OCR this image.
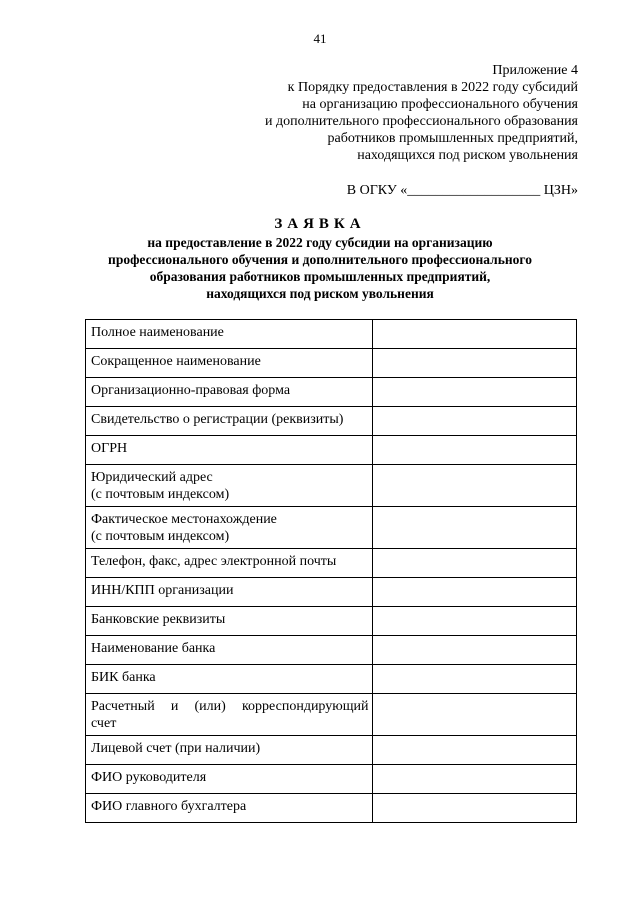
41
Приложение 4
к Порядку предоставления в 2022 году субсидий
на организацию профессионального обучения
и дополнительного профессионального образования
работников промышленных предприятий,
находящихся под риском увольнения
В ОГКУ «___________________ ЦЗН»
ЗАЯВКА
на предоставление в 2022 году субсидии на организацию
профессионального обучения и дополнительного профессионального
образования работников промышленных предприятий,
находящихся под риском увольнения
Полное наименование	

Сокращенное наименование	

Организационно-правовая форма	

Свидетельство о регистрации (реквизиты)	

ОГРН	

Юридический адрес
(с почтовым индексом)	

Фактическое местонахождение
(с почтовым индексом)	

Телефон, факс, адрес электронной почты	

ИНН/КПП организации	

Банковские реквизиты	

Наименование банка	

БИК банка	

Расчетный и (или) корреспондирующий
счет	

Лицевой счет (при наличии)	

ФИО руководителя	

ФИО главного бухгалтера	
